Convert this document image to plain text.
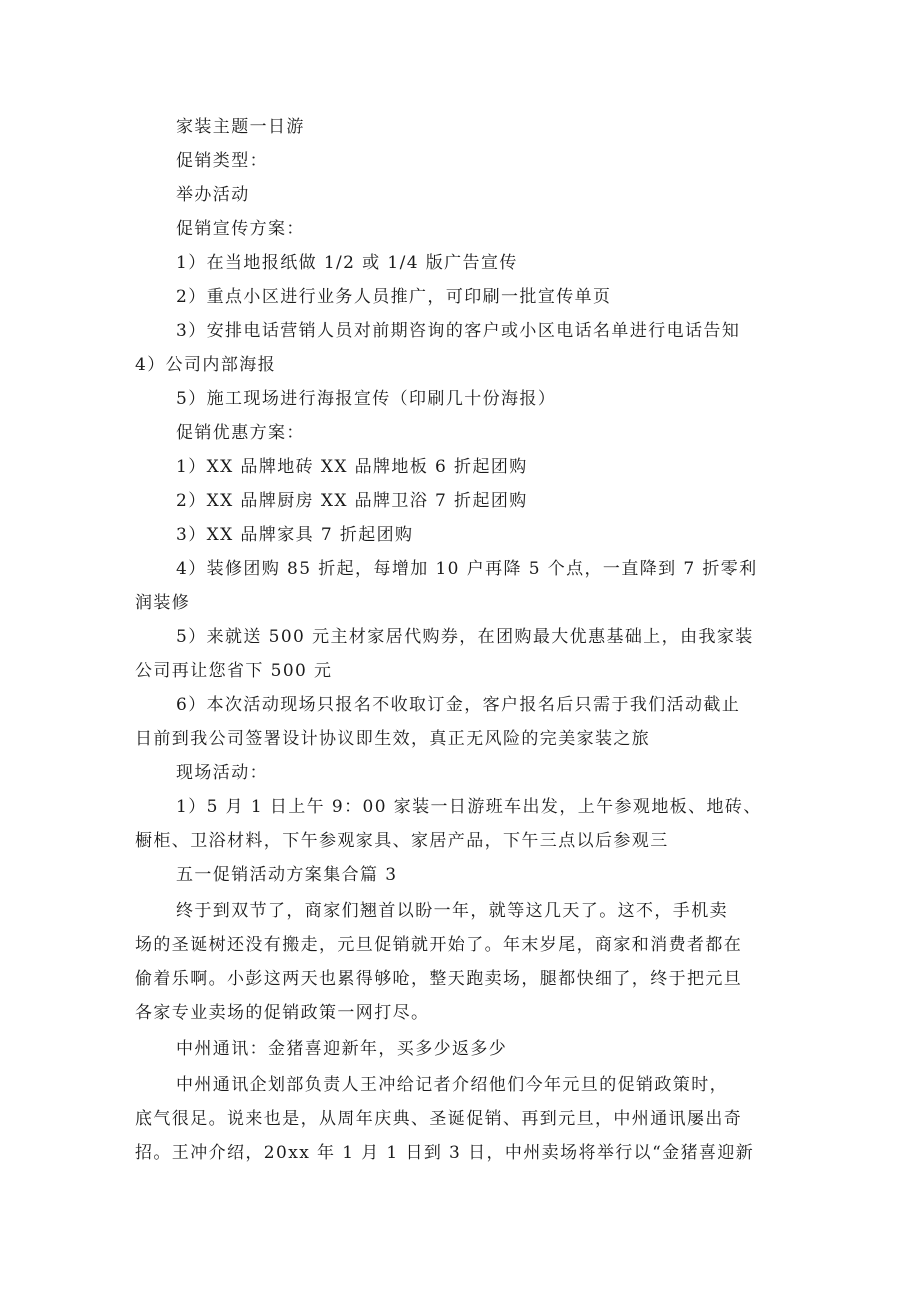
家装主题一日游
促销类型：
举办活动
促销宣传方案：
1）在当地报纸做 1/2 或 1/4 版广告宣传
2）重点小区进行业务人员推广，可印刷一批宣传单页
3）安排电话营销人员对前期咨询的客户或小区电话名单进行电话告知
4）公司内部海报
5）施工现场进行海报宣传（印刷几十份海报）
促销优惠方案：
1）XX 品牌地砖 XX 品牌地板 6 折起团购
2）XX 品牌厨房 XX 品牌卫浴 7 折起团购
3）XX 品牌家具 7 折起团购
4）装修团购 85 折起，每增加 10 户再降 5 个点，一直降到 7 折零利
润装修
5）来就送 500 元主材家居代购券，在团购最大优惠基础上，由我家装
公司再让您省下 500 元
6）本次活动现场只报名不收取订金，客户报名后只需于我们活动截止
日前到我公司签署设计协议即生效，真正无风险的完美家装之旅
现场活动：
1）5 月 1 日上午 9：00 家装一日游班车出发，上午参观地板、地砖、
橱柜、卫浴材料，下午参观家具、家居产品，下午三点以后参观三
五一促销活动方案集合篇 3
终于到双节了，商家们翘首以盼一年，就等这几天了。这不，手机卖
场的圣诞树还没有搬走，元旦促销就开始了。年末岁尾，商家和消费者都在
偷着乐啊。小彭这两天也累得够呛，整天跑卖场，腿都快细了，终于把元旦
各家专业卖场的促销政策一网打尽。
中州通讯：金猪喜迎新年，买多少返多少
中州通讯企划部负责人王冲给记者介绍他们今年元旦的促销政策时，
底气很足。说来也是，从周年庆典、圣诞促销、再到元旦，中州通讯屡出奇
招。王冲介绍，20xx 年 1 月 1 日到 3 日，中州卖场将举行以“金猪喜迎新
